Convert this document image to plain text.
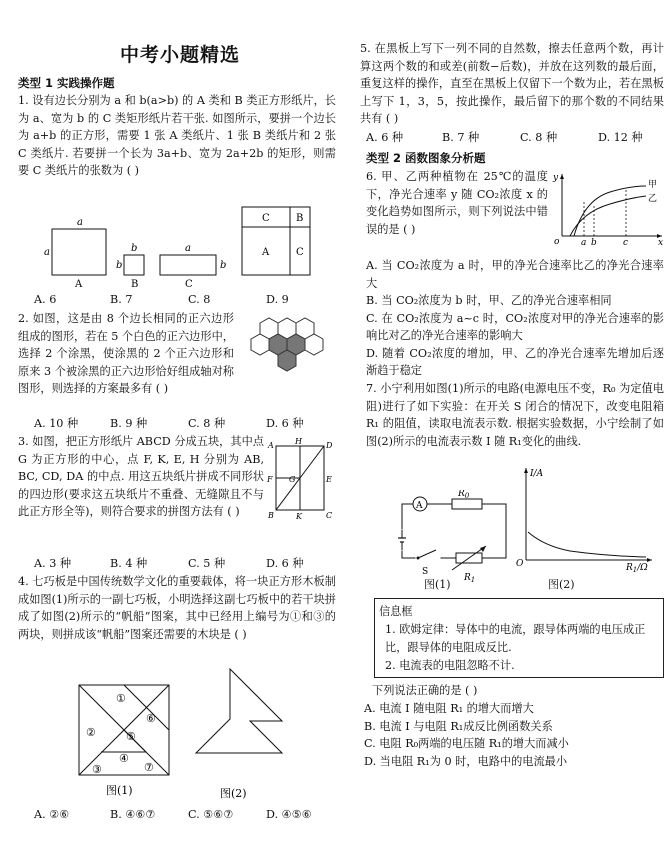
中考小题精选
类型 1 实践操作题
1. 设有边长分别为 a 和 b(a>b) 的 A 类和 B 类正方形纸片，长为 a、宽为 b 的 C 类矩形纸片若干张. 如图所示，要拼一个边长为 a+b 的正方形，需要 1 张 A 类纸片、1 张 B 类纸片和 2 张 C 类纸片. 若要拼一个长为 3a+b、宽为 2a+2b 的矩形，则需要 C 类纸片的张数为 ( )
a
a
A
b
b
B
a
b
C
C	B
A	C
A. 6	B. 7	C. 8	D. 9
2. 如图，这是由 8 个边长相同的正六边形组成的图形，若在 5 个白色的正六边形中，选择 2 个涂黑，使涂黑的 2 个正六边形和原来 3 个被涂黑的正六边形恰好组成轴对称图形，则选择的方案最多有 ( )
A. 10 种	B. 9 种	C. 8 种	D. 6 种
3. 如图，把正方形纸片 ABCD 分成五块，其中点 G 为正方形的中心，点 F, K, E, H 分别为 AB, BC, CD, DA 的中点. 用这五块纸片拼成不同形状的四边形(要求这五块纸片不重叠、无缝隙且不与此正方形全等)，则符合要求的拼图方法有 ( )
A	H	D
G
F	E
B	K	C
A. 3 种	B. 4 种	C. 5 种	D. 6 种
4. 七巧板是中国传统数学文化的重要载体，将一块正方形木板制成如图(1)所示的一副七巧板，小明选择这副七巧板中的若干块拼成了如图(2)所示的“帆船”图案，其中已经用上编号为①和③的两块，则拼成该“帆船”图案还需要的木块是 ( )
①
②
③
④
⑤
⑥
⑦
图(1)	图(2)
A. ②⑥	B. ④⑥⑦	C. ⑤⑥⑦	D. ④⑤⑥
5. 在黑板上写下一列不同的自然数，擦去任意两个数，再计算这两个数的和或差(前数−后数)，并放在这列数的最后面，重复这样的操作，直至在黑板上仅留下一个数为止，若在黑板上写下 1，3，5，按此操作，最后留下的那个数的不同结果共有 ( )
A. 6 种	B. 7 种	C. 8 种	D. 12 种
类型 2 函数图象分析题
6. 甲、乙两种植物在 25℃的温度下，净光合速率 y 随 CO₂浓度 x 的变化趋势如图所示，则下列说法中错误的是 ( )
y
x
o a b	c
甲
乙
A. 当 CO₂浓度为 a 时，甲的净光合速率比乙的净光合速率大
B. 当 CO₂浓度为 b 时，甲、乙的净光合速率相同
C. 在 CO₂浓度为 a~c 时，CO₂浓度对甲的净光合速率的影响比对乙的净光合速率的影响大
D. 随着 CO₂浓度的增加，甲、乙的净光合速率先增加后逐渐趋于稳定
7. 小宁利用如图(1)所示的电路(电源电压不变，R₀ 为定值电阻)进行了如下实验：在开关 S 闭合的情况下，改变电阻箱 R₁ 的阻值，读取电流表示数. 根据实验数据，小宁绘制了如图(2)所示的电流表示数 I 随 R₁变化的曲线.
A
$R_0$
S
$R_1$
图(1)
I/A
O	$R_1/\Omega$
图(2)
信息框
1. 欧姆定律：导体中的电流，跟导体两端的电压成正比，跟导体的电阻成反比.
2. 电流表的电阻忽略不计.
下列说法正确的是 ( )
A. 电流 I 随电阻 R₁ 的增大而增大
B. 电流 I 与电阻 R₁成反比例函数关系
C. 电阻 R₀两端的电压随 R₁的增大而减小
D. 当电阻 R₁为 0 时，电路中的电流最小
